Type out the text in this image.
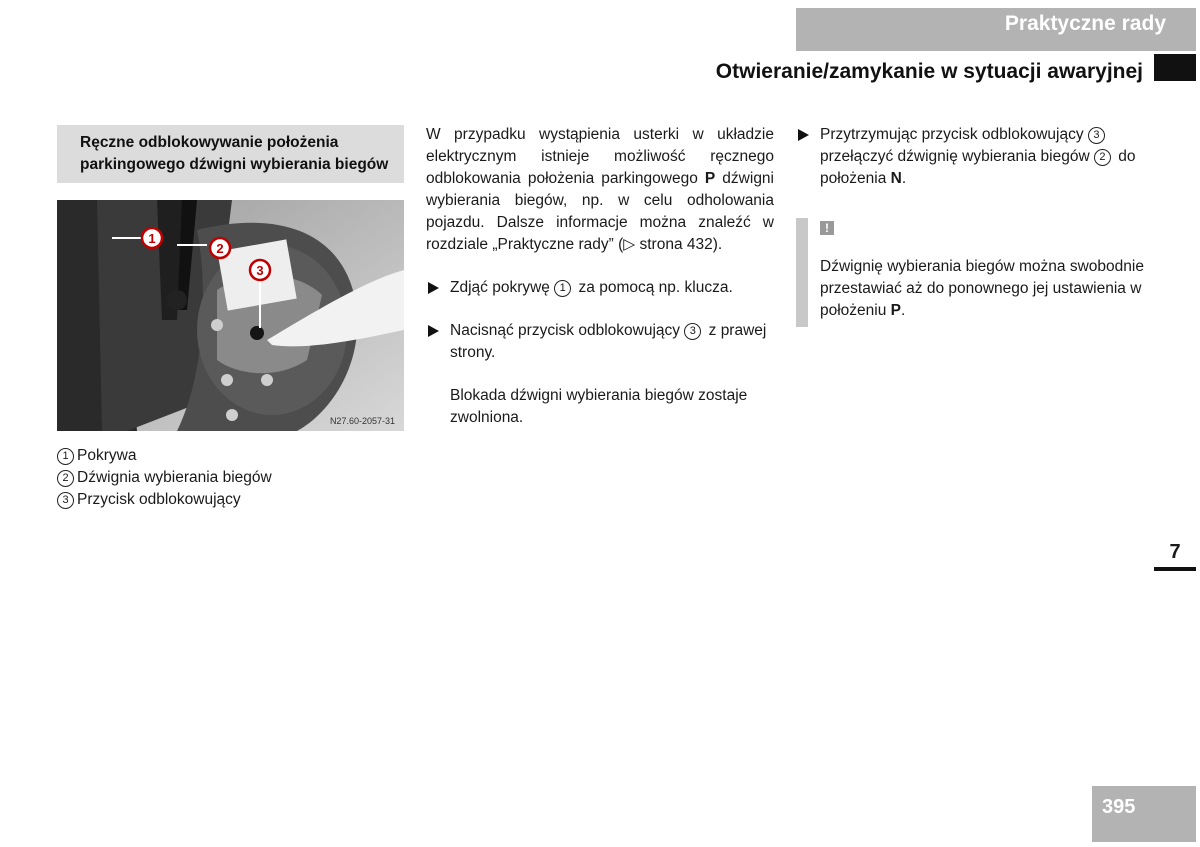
Praktyczne rady
Otwieranie/zamykanie w sytuacji awaryjnej
Ręczne odblokowywanie położenia
parkingowego dźwigni wybierania biegów
1
2
3
N27.60-2057-31
1 Pokrywa
2 Dźwignia wybierania biegów
3 Przycisk odblokowujący

W przypadku wystąpienia usterki w układzie elektrycznym istnieje możliwość ręcznego odblokowania położenia parkingowego P dźwigni wybierania biegów, np. w celu odholowania pojazdu. Dalsze informacje można znaleźć w rozdziale „Praktyczne rady” (▷ strona 432).

Zdjąć pokrywę 1 za pomocą np. klucza.
Nacisnąć przycisk odblokowujący 3 z prawej strony.

Blokada dźwigni wybierania biegów zostaje zwolniona.

Przytrzymując przycisk odblokowujący 3 przełączyć dźwignię wybierania biegów 2 do położenia N.
!
Dźwignię wybierania biegów można swobodnie przestawiać aż do ponownego jej ustawienia w położeniu P.
7
395
